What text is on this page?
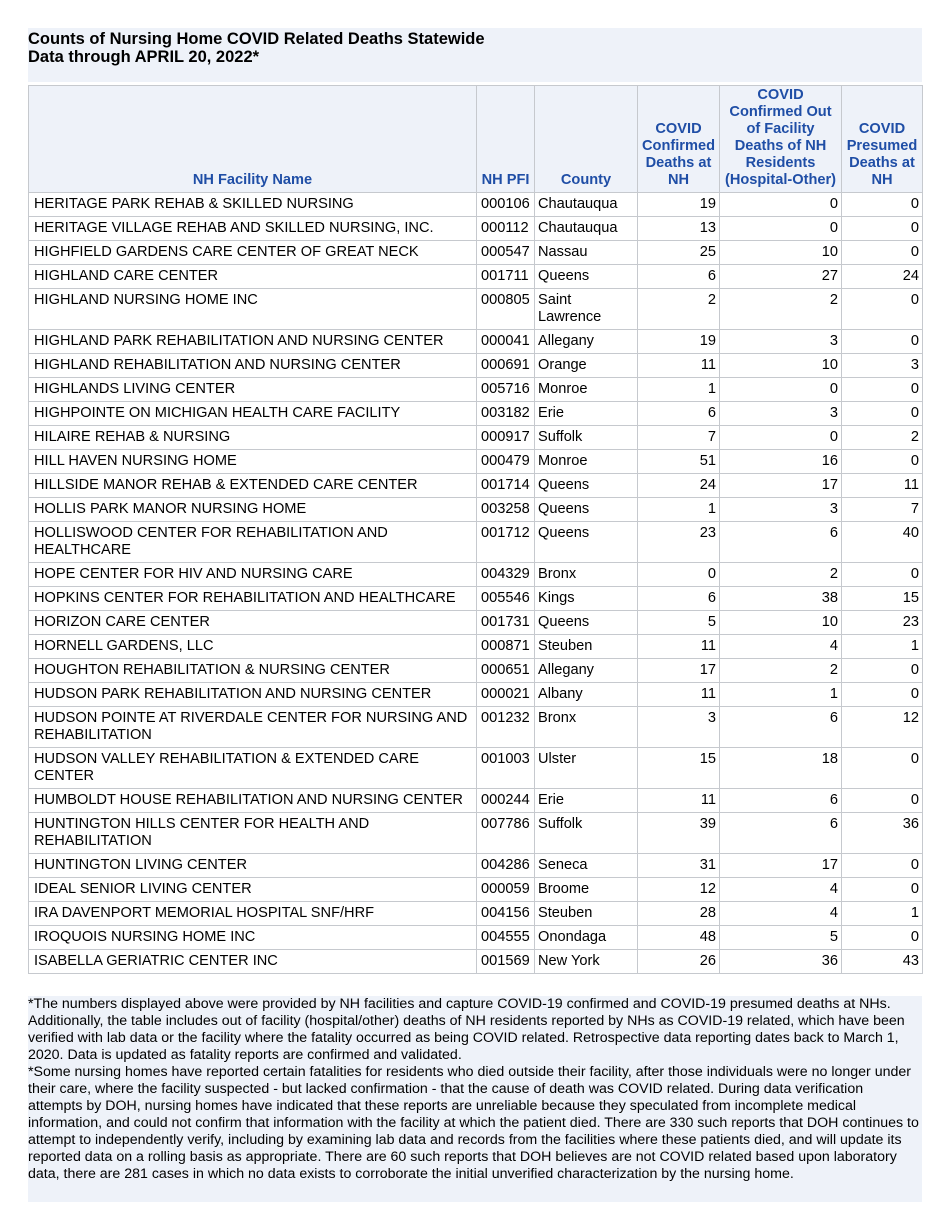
Counts of Nursing Home COVID Related Deaths Statewide

Data through APRIL 20, 2022*

NH Facility Name	NH PFI	County	COVID Confirmed Deaths at NH	COVID Confirmed Out of Facility Deaths of NH Residents (Hospital-Other)	COVID Presumed Deaths at NH
HERITAGE PARK REHAB & SKILLED NURSING	000106	Chautauqua	19	0	0
HERITAGE VILLAGE REHAB AND SKILLED NURSING, INC.	000112	Chautauqua	13	0	0
HIGHFIELD GARDENS CARE CENTER OF GREAT NECK	000547	Nassau	25	10	0
HIGHLAND CARE CENTER	001711	Queens	6	27	24
HIGHLAND NURSING HOME INC	000805	Saint Lawrence	2	2	0
HIGHLAND PARK REHABILITATION AND NURSING CENTER	000041	Allegany	19	3	0
HIGHLAND REHABILITATION AND NURSING CENTER	000691	Orange	11	10	3
HIGHLANDS LIVING CENTER	005716	Monroe	1	0	0
HIGHPOINTE ON MICHIGAN HEALTH CARE FACILITY	003182	Erie	6	3	0
HILAIRE REHAB & NURSING	000917	Suffolk	7	0	2
HILL HAVEN NURSING HOME	000479	Monroe	51	16	0
HILLSIDE MANOR REHAB & EXTENDED CARE CENTER	001714	Queens	24	17	11
HOLLIS PARK MANOR NURSING HOME	003258	Queens	1	3	7
HOLLISWOOD CENTER FOR REHABILITATION AND HEALTHCARE	001712	Queens	23	6	40
HOPE CENTER FOR HIV AND NURSING CARE	004329	Bronx	0	2	0
HOPKINS CENTER FOR REHABILITATION AND HEALTHCARE	005546	Kings	6	38	15
HORIZON CARE CENTER	001731	Queens	5	10	23
HORNELL GARDENS, LLC	000871	Steuben	11	4	1
HOUGHTON REHABILITATION & NURSING CENTER	000651	Allegany	17	2	0
HUDSON PARK REHABILITATION AND NURSING CENTER	000021	Albany	11	1	0
HUDSON POINTE AT RIVERDALE CENTER FOR NURSING AND REHABILITATION	001232	Bronx	3	6	12
HUDSON VALLEY REHABILITATION & EXTENDED CARE CENTER	001003	Ulster	15	18	0
HUMBOLDT HOUSE REHABILITATION AND NURSING CENTER	000244	Erie	11	6	0
HUNTINGTON HILLS CENTER FOR HEALTH AND REHABILITATION	007786	Suffolk	39	6	36
HUNTINGTON LIVING CENTER	004286	Seneca	31	17	0
IDEAL SENIOR LIVING CENTER	000059	Broome	12	4	0
IRA DAVENPORT MEMORIAL HOSPITAL SNF/HRF	004156	Steuben	28	4	1
IROQUOIS NURSING HOME INC	004555	Onondaga	48	5	0
ISABELLA GERIATRIC CENTER INC	001569	New York	26	36	43

*The numbers displayed above were provided by NH facilities and capture COVID-19 confirmed and COVID-19 presumed deaths at NHs. Additionally, the table includes out of facility (hospital/other) deaths of NH residents reported by NHs as COVID-19 related, which have been verified with lab data or the facility where the fatality occurred as being COVID related. Retrospective data reporting dates back to March 1, 2020. Data is updated as fatality reports are confirmed and validated.

*Some nursing homes have reported certain fatalities for residents who died outside their facility, after those individuals were no longer under their care, where the facility suspected - but lacked confirmation - that the cause of death was COVID related. During data verification attempts by DOH, nursing homes have indicated that these reports are unreliable because they speculated from incomplete medical information, and could not confirm that information with the facility at which the patient died. There are 330 such reports that DOH continues to attempt to independently verify, including by examining lab data and records from the facilities where these patients died, and will update its reported data on a rolling basis as appropriate. There are 60 such reports that DOH believes are not COVID related based upon laboratory data, there are 281 cases in which no data exists to corroborate the initial unverified characterization by the nursing home.
